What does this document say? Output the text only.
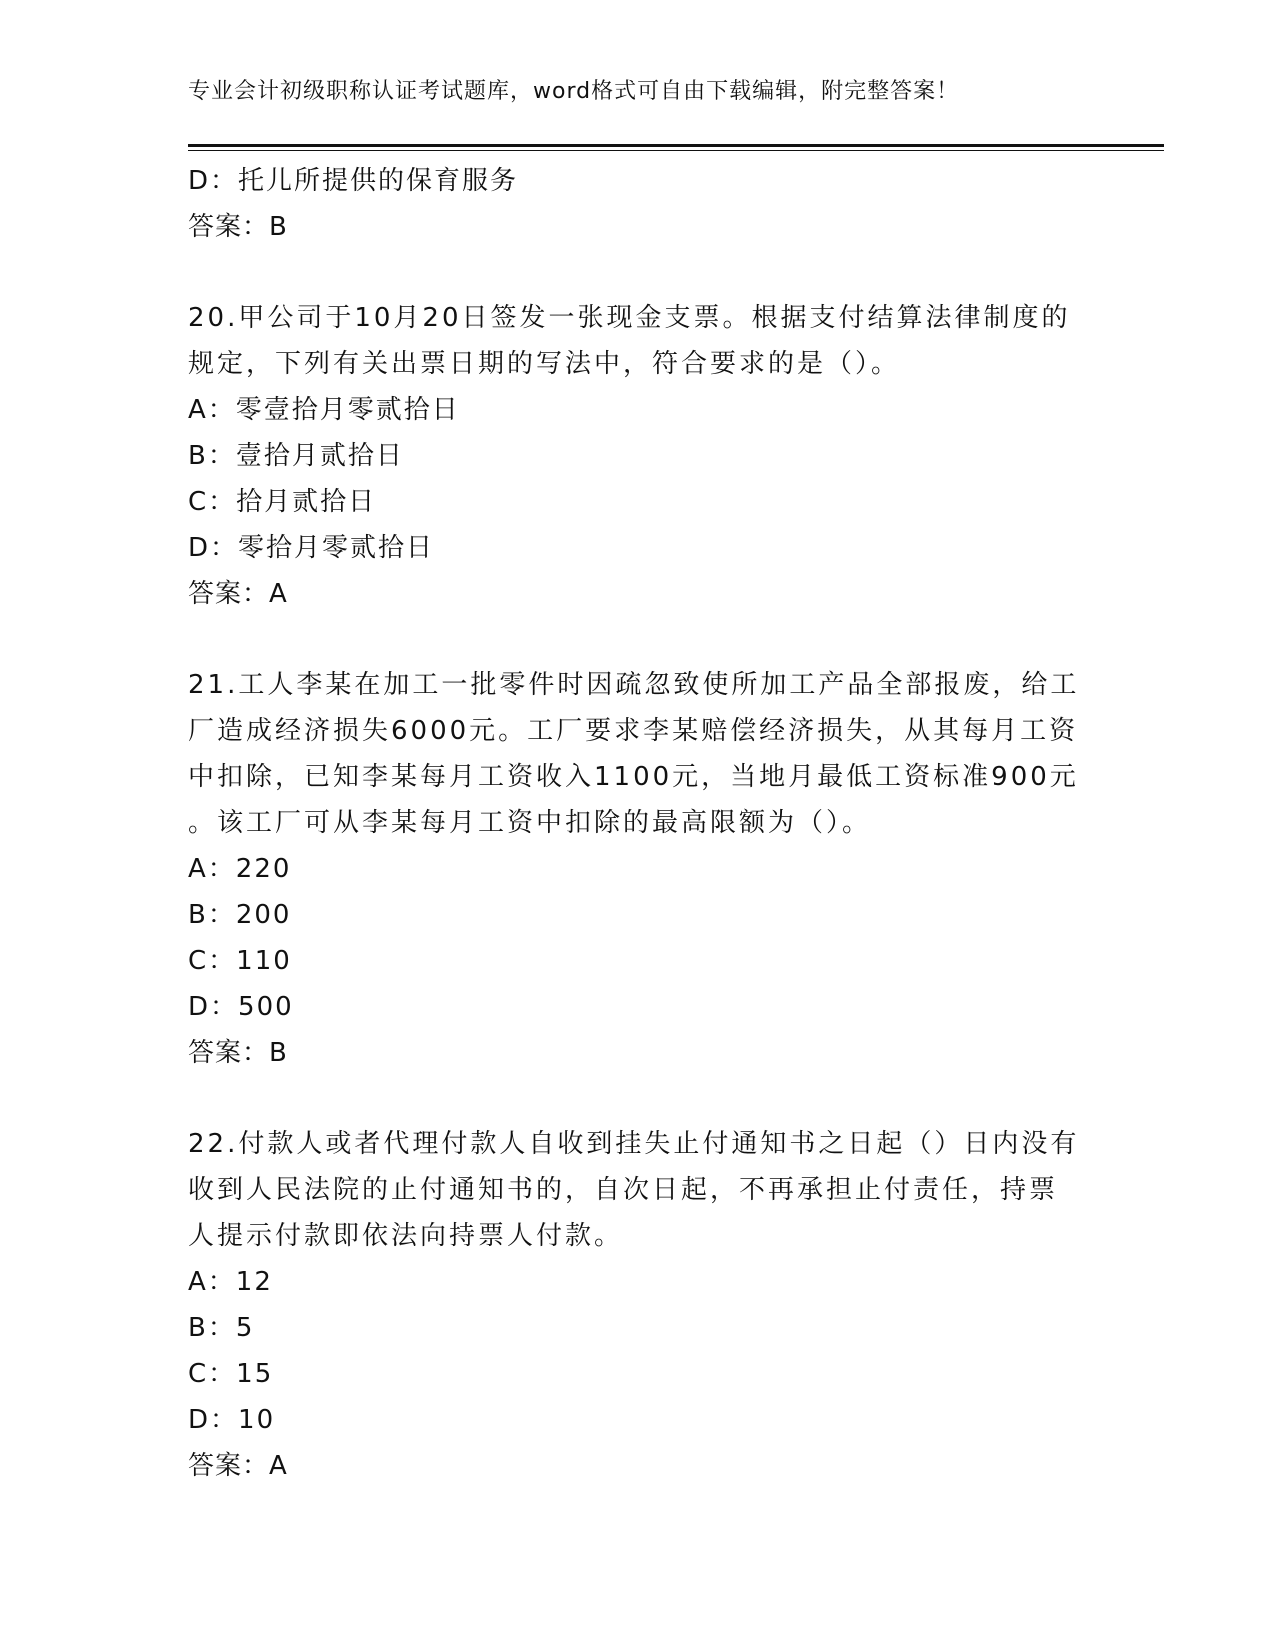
专业会计初级职称认证考试题库，word格式可自由下载编辑，附完整答案！
D：托儿所提供的保育服务
答案：B
20.甲公司于10月20日签发一张现金支票。根据支付结算法律制度的
规定，下列有关出票日期的写法中，符合要求的是（）。
A：零壹拾月零贰拾日
B：壹拾月贰拾日
C：拾月贰拾日
D：零拾月零贰拾日
答案：A
21.工人李某在加工一批零件时因疏忽致使所加工产品全部报废，给工
厂造成经济损失6000元。工厂要求李某赔偿经济损失，从其每月工资
中扣除，已知李某每月工资收入1100元，当地月最低工资标准900元
。该工厂可从李某每月工资中扣除的最高限额为（）。
A：220
B：200
C：110
D：500
答案：B
22.付款人或者代理付款人自收到挂失止付通知书之日起（）日内没有
收到人民法院的止付通知书的，自次日起，不再承担止付责任，持票
人提示付款即依法向持票人付款。
A：12
B：5
C：15
D：10
答案：A
